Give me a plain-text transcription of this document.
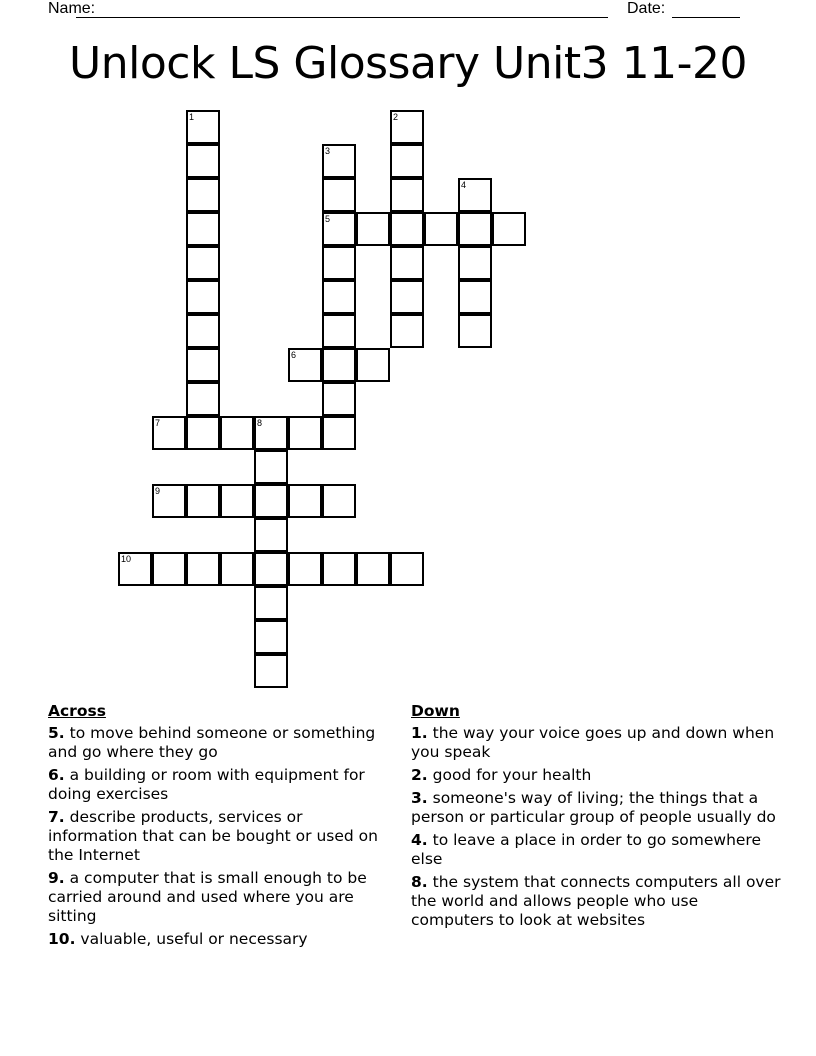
Name:	Date:
Unlock LS Glossary Unit3 11-20
1	2
3
5
4
6
7	8
9
10
Across
5. to move behind someone or something and go where they go
6. a building or room with equipment for doing exercises
7. describe products, services or information that can be bought or used on the Internet
9. a computer that is small enough to be carried around and used where you are sitting
10. valuable, useful or necessary
Down
1. the way your voice goes up and down when you speak
2. good for your health
3. someone's way of living; the things that a person or particular group of people usually do
4. to leave a place in order to go somewhere else
8. the system that connects computers all over the world and allows people who use computers to look at websites
